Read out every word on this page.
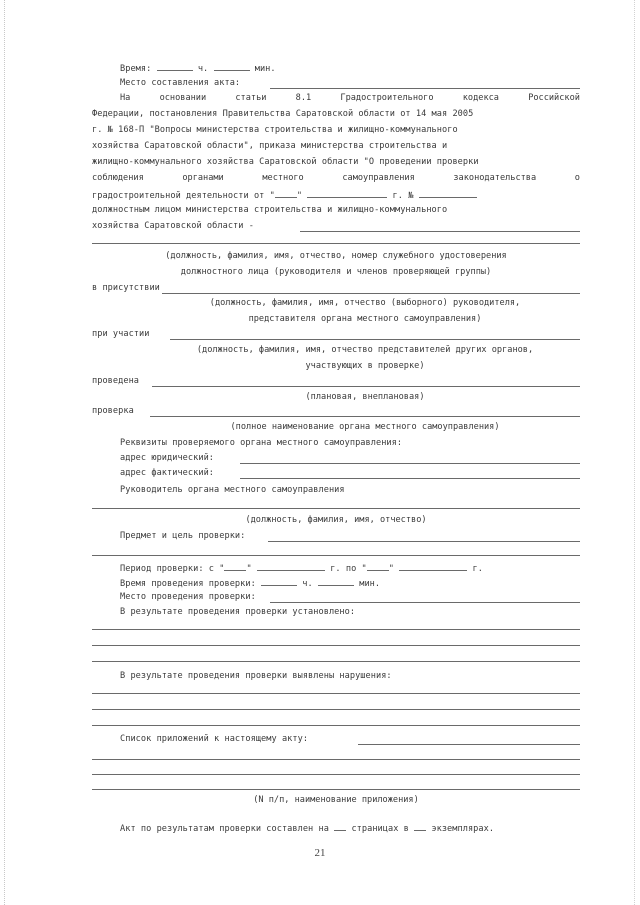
Время:	ч.	мин.
Место составления акта:
На	основании	статьи	8.1	Градостроительного	кодекса	Российской
Федерации, постановления Правительства Саратовской области от 14 мая 2005
г. № 168-П "Вопросы министерства строительства и жилищно-коммунального
хозяйства Саратовской области", приказа министерства строительства и
жилищно-коммунального хозяйства Саратовской области "О проведении проверки
соблюдения	органами	местного	самоуправления	законодательства	о
градостроительной деятельности от "	"	г. №
должностным лицом министерства строительства и жилищно-коммунального
хозяйства Саратовской области -
(должность, фамилия, имя, отчество, номер служебного удостоверения
должностного лица (руководителя и членов проверяющей группы)
в присутствии
(должность, фамилия, имя, отчество (выборного) руководителя,
представителя органа местного самоуправления)
при участии
(должность, фамилия, имя, отчество представителей других органов,
участвующих в проверке)
проведена
(плановая, внеплановая)
проверка
(полное наименование органа местного самоуправления)
Реквизиты проверяемого органа местного самоуправления:
адрес юридический:
адрес фактический:
Руководитель органа местного самоуправления
(должность, фамилия, имя, отчество)
Предмет и цель проверки:
Период проверки: с "	"	г. по "	"	г.
Время проведения проверки:	ч.	мин.
Место проведения проверки:
В результате проведения проверки установлено:
В результате проведения проверки выявлены нарушения:
Список приложений к настоящему акту:
(N п/п, наименование приложения)
Акт по результатам проверки составлен на	страницах в	экземплярах.
21
